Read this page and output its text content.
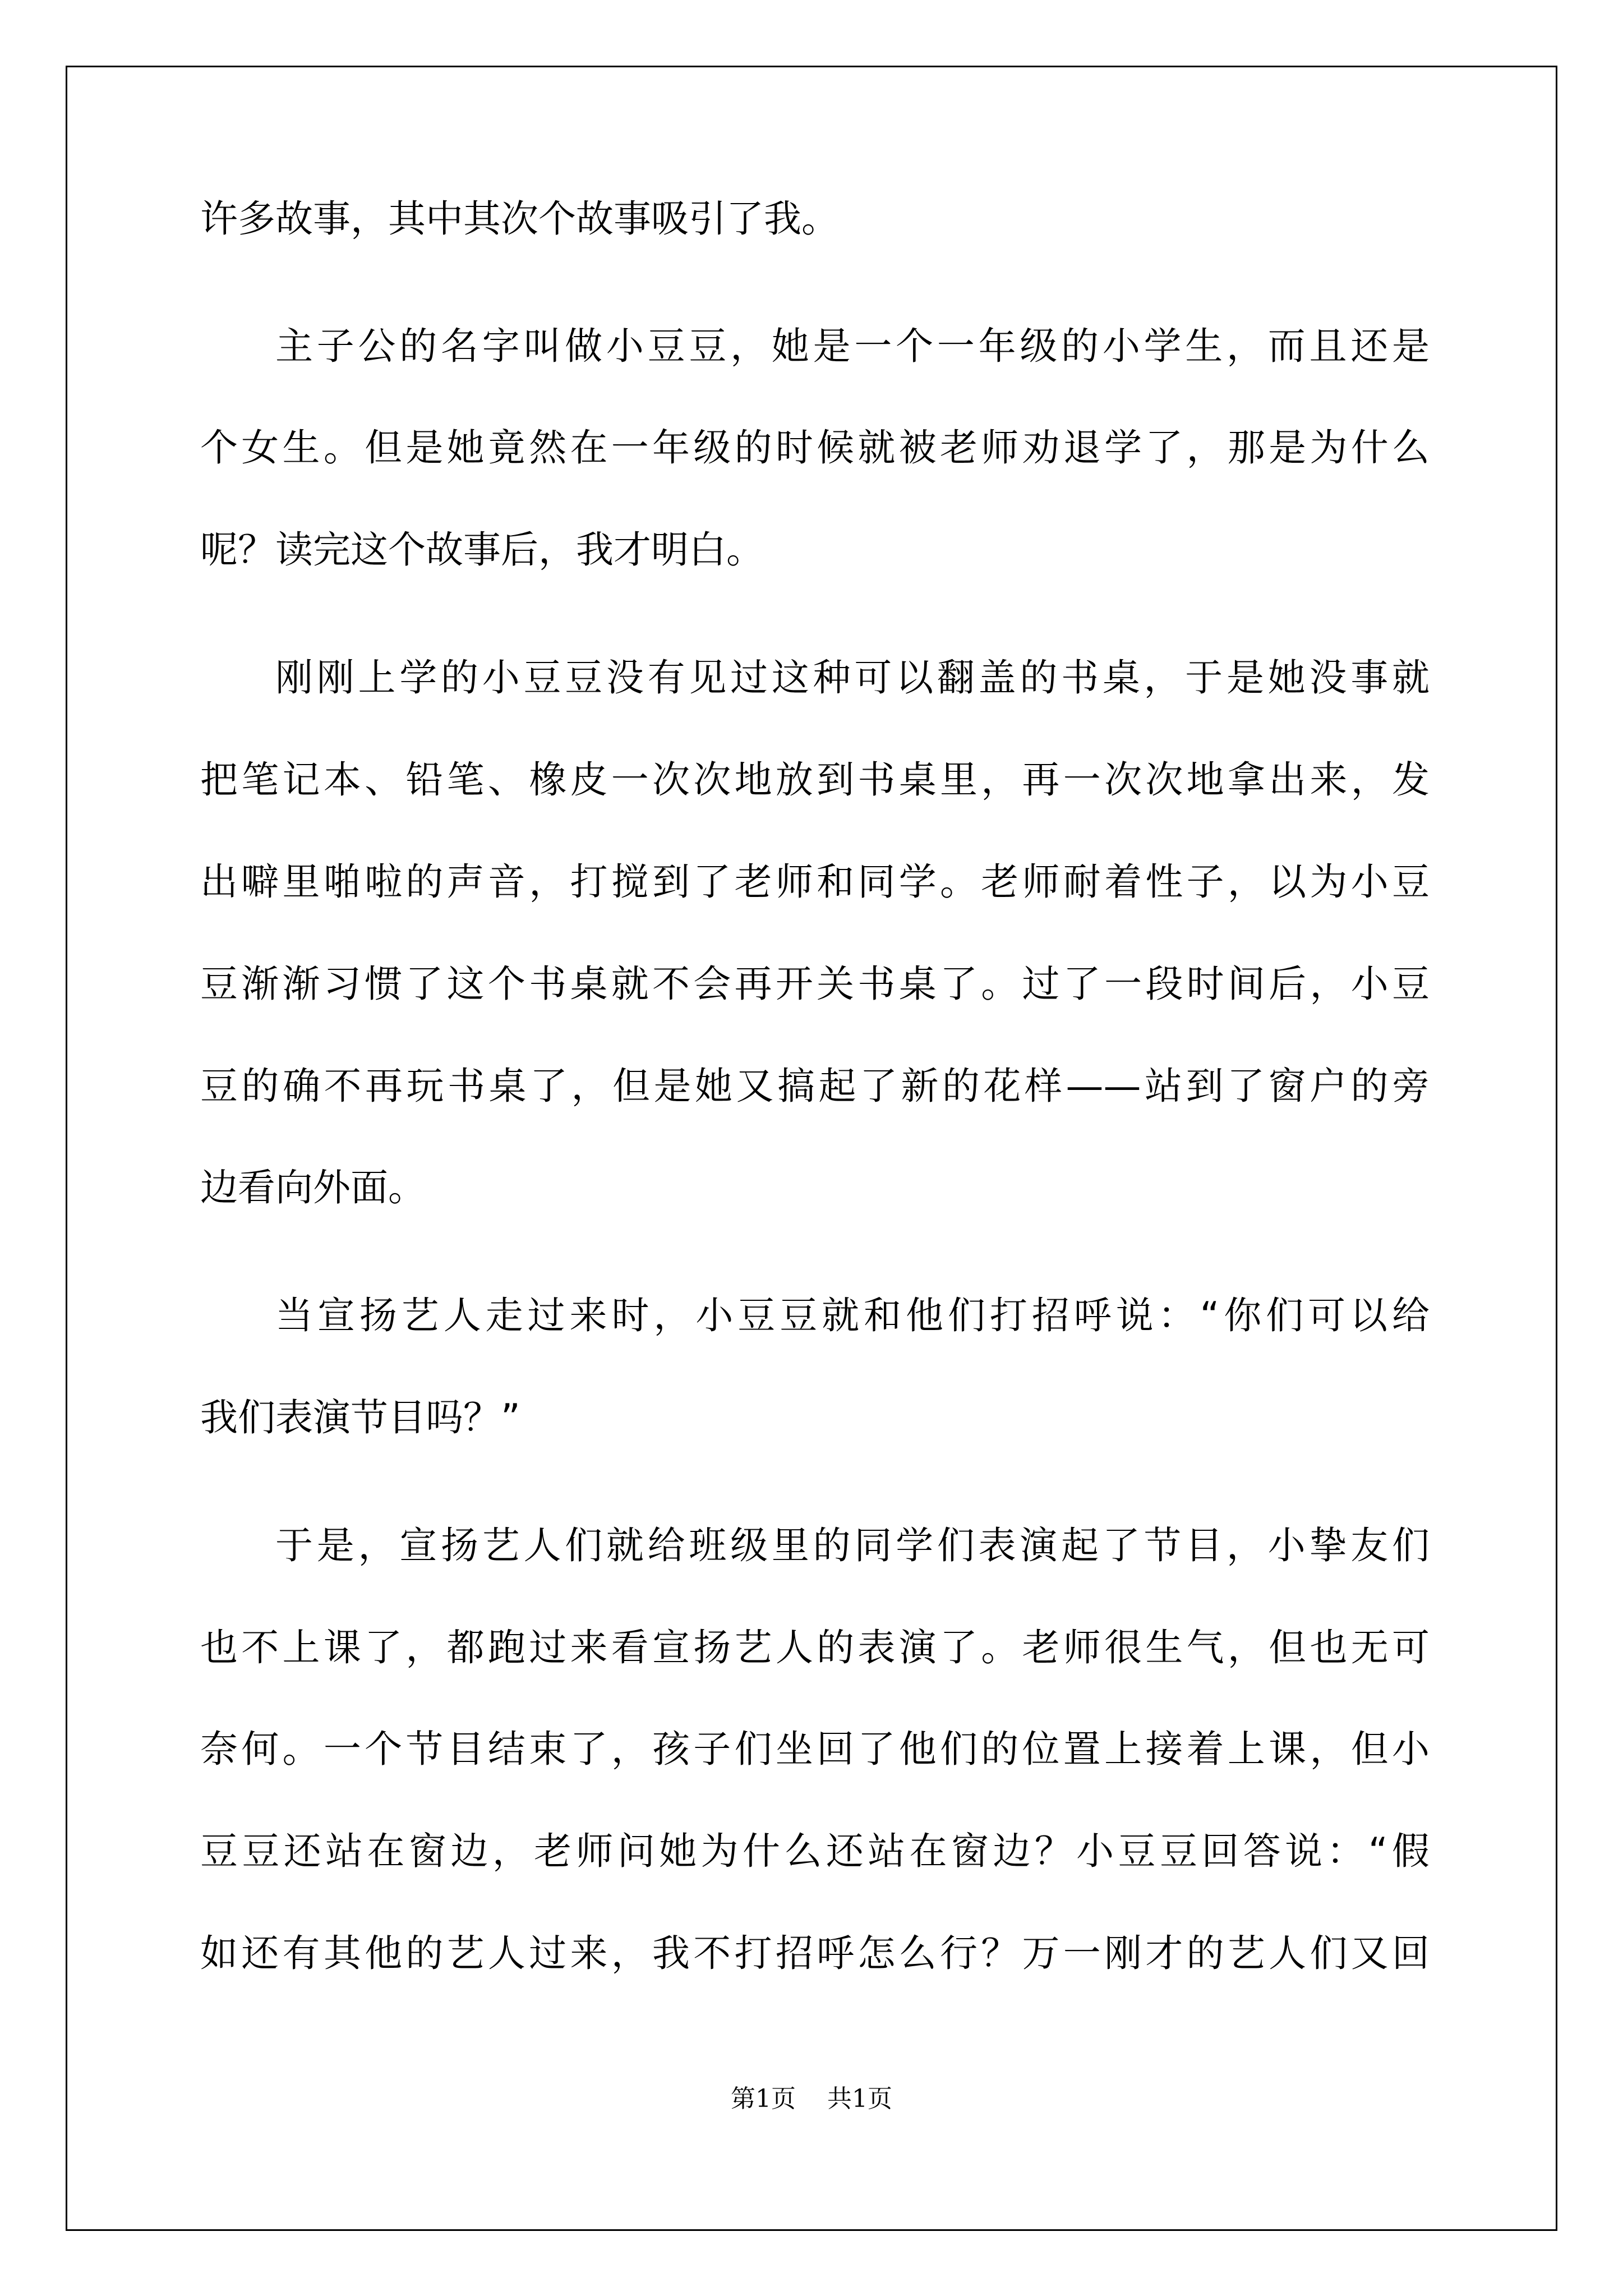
许多故事，其中其次个故事吸引了我。
主子公的名字叫做小豆豆，她是一个一年级的小学生，而且还是
个女生。但是她竟然在一年级的时候就被老师劝退学了，那是为什么
呢？读完这个故事后，我才明白。
刚刚上学的小豆豆没有见过这种可以翻盖的书桌，于是她没事就
把笔记本、铅笔、橡皮一次次地放到书桌里，再一次次地拿出来，发
出噼里啪啦的声音，打搅到了老师和同学。老师耐着性子，以为小豆
豆渐渐习惯了这个书桌就不会再开关书桌了。过了一段时间后，小豆
豆的确不再玩书桌了，但是她又搞起了新的花样——站到了窗户的旁
边看向外面。
当宣扬艺人走过来时，小豆豆就和他们打招呼说：“你们可以给
我们表演节目吗？”
于是，宣扬艺人们就给班级里的同学们表演起了节目，小挚友们
也不上课了，都跑过来看宣扬艺人的表演了。老师很生气，但也无可
奈何。一个节目结束了，孩子们坐回了他们的位置上接着上课，但小
豆豆还站在窗边，老师问她为什么还站在窗边？小豆豆回答说：“假
如还有其他的艺人过来，我不打招呼怎么行？万一刚才的艺人们又回
第1页 共1页
